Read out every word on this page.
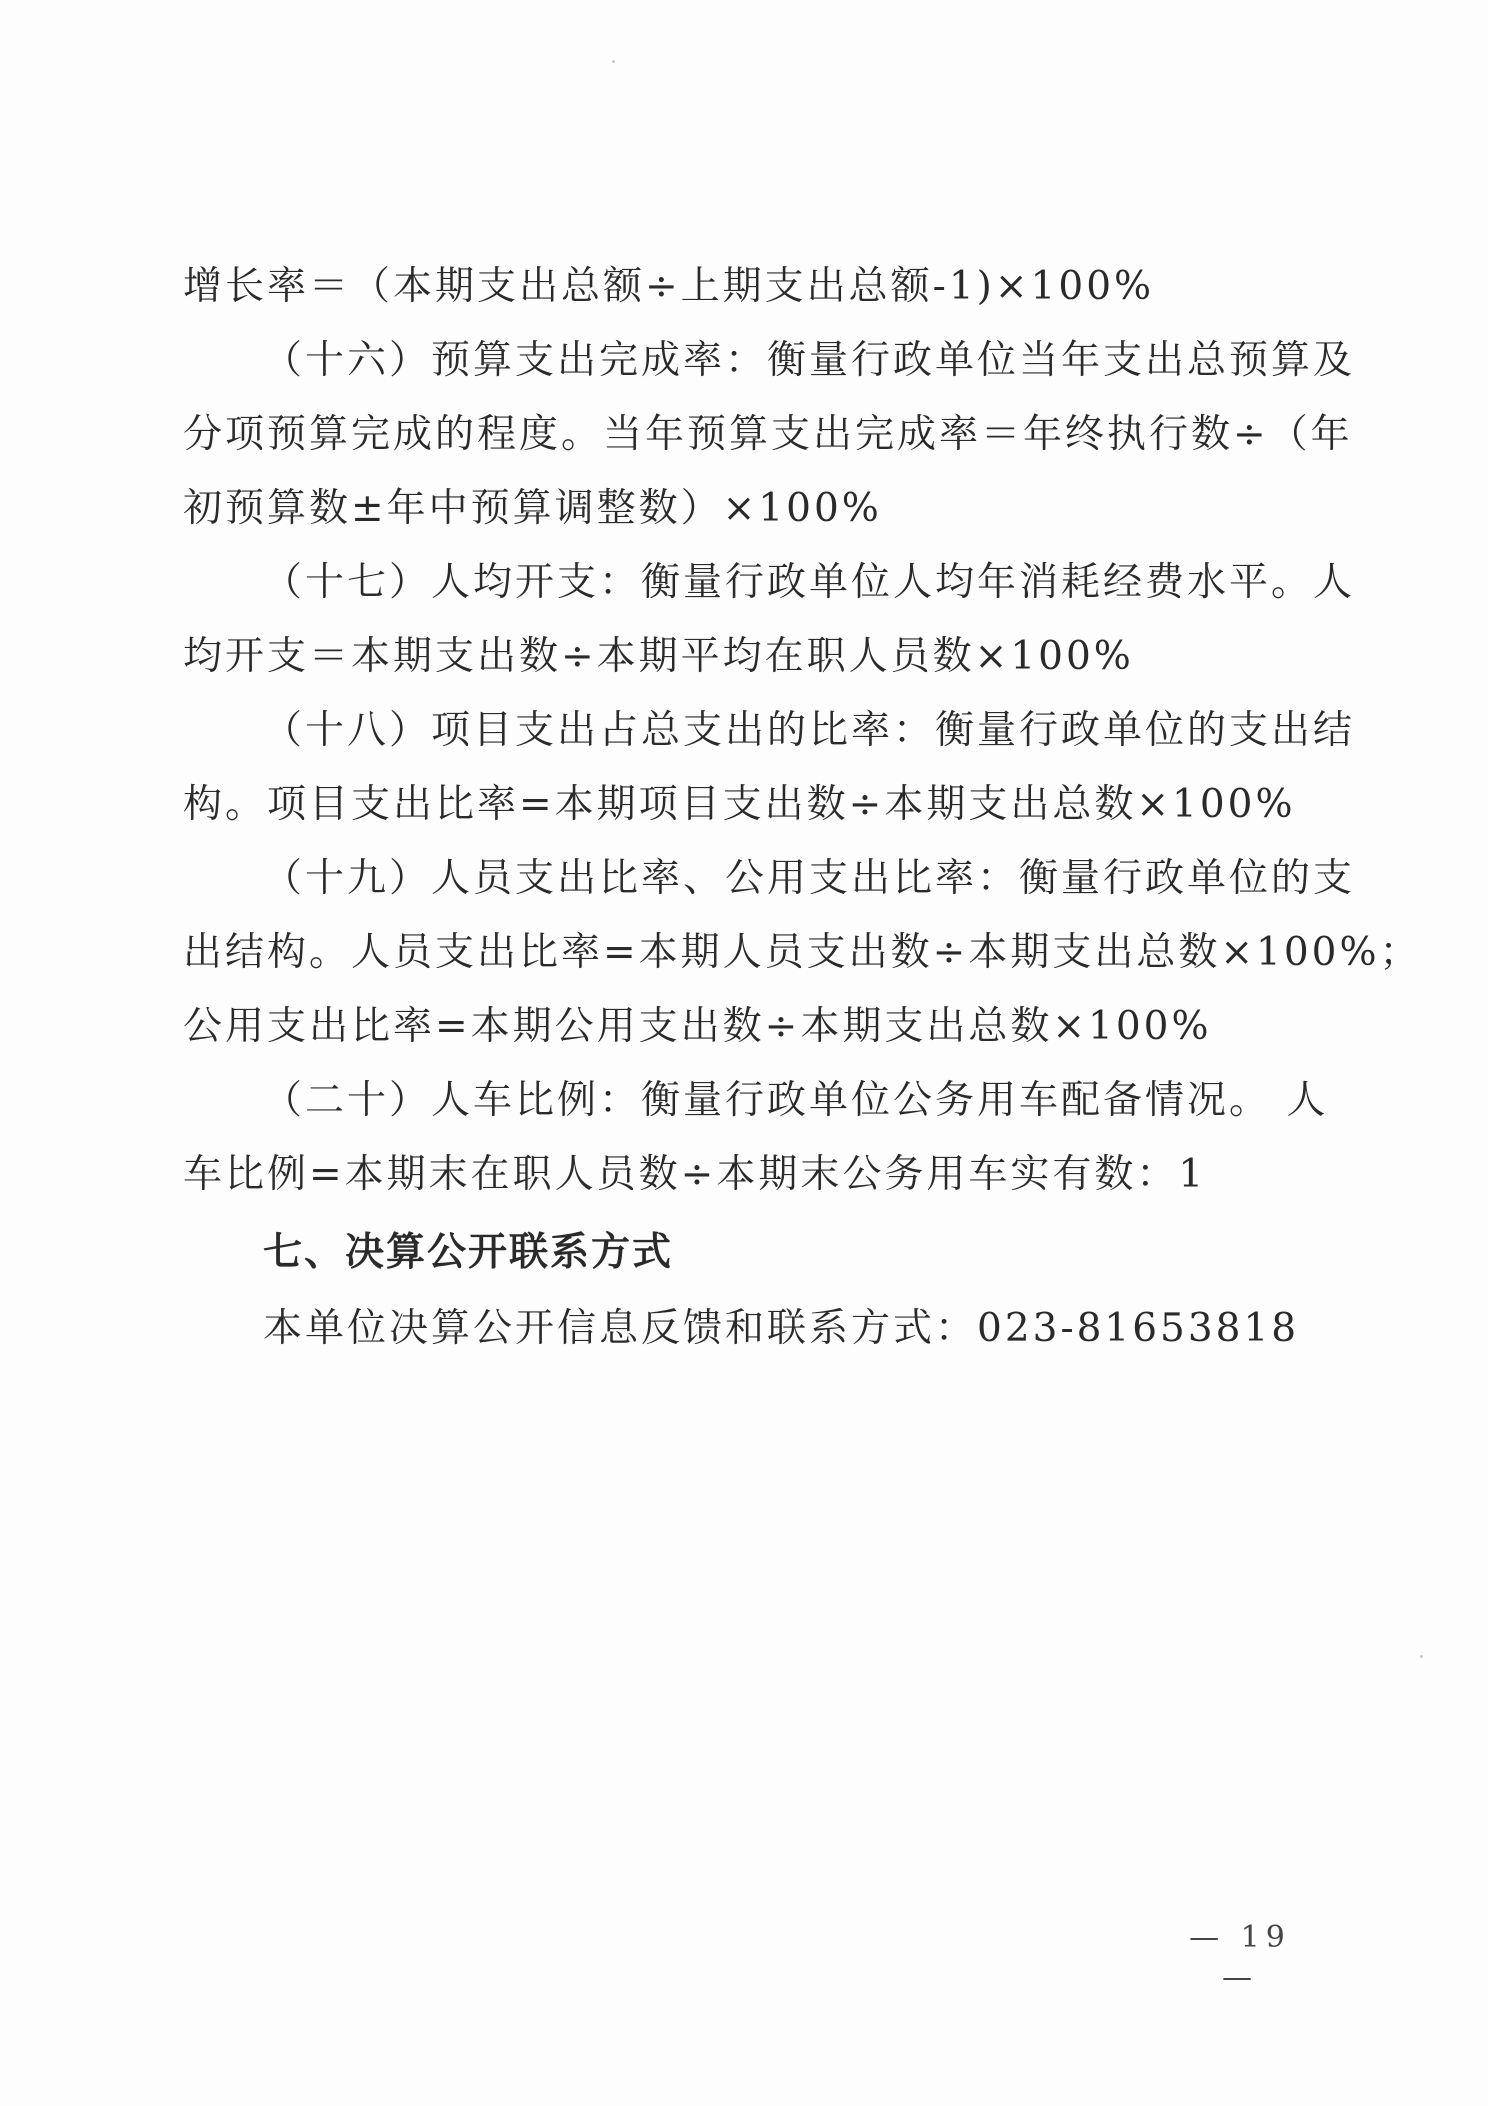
增长率＝（本期支出总额÷上期支出总额-1)×100%
（十六）预算支出完成率：衡量行政单位当年支出总预算及
分项预算完成的程度。当年预算支出完成率＝年终执行数÷（年
初预算数±年中预算调整数）×100%
（十七）人均开支：衡量行政单位人均年消耗经费水平。人
均开支＝本期支出数÷本期平均在职人员数×100%
（十八）项目支出占总支出的比率：衡量行政单位的支出结
构。项目支出比率=本期项目支出数÷本期支出总数×100%
（十九）人员支出比率、公用支出比率：衡量行政单位的支
出结构。人员支出比率=本期人员支出数÷本期支出总数×100%；
公用支出比率=本期公用支出数÷本期支出总数×100%
（二十）人车比例：衡量行政单位公务用车配备情况。 人
车比例=本期末在职人员数÷本期末公务用车实有数：1
七、决算公开联系方式
本单位决算公开信息反馈和联系方式：023-81653818
— 19 —
